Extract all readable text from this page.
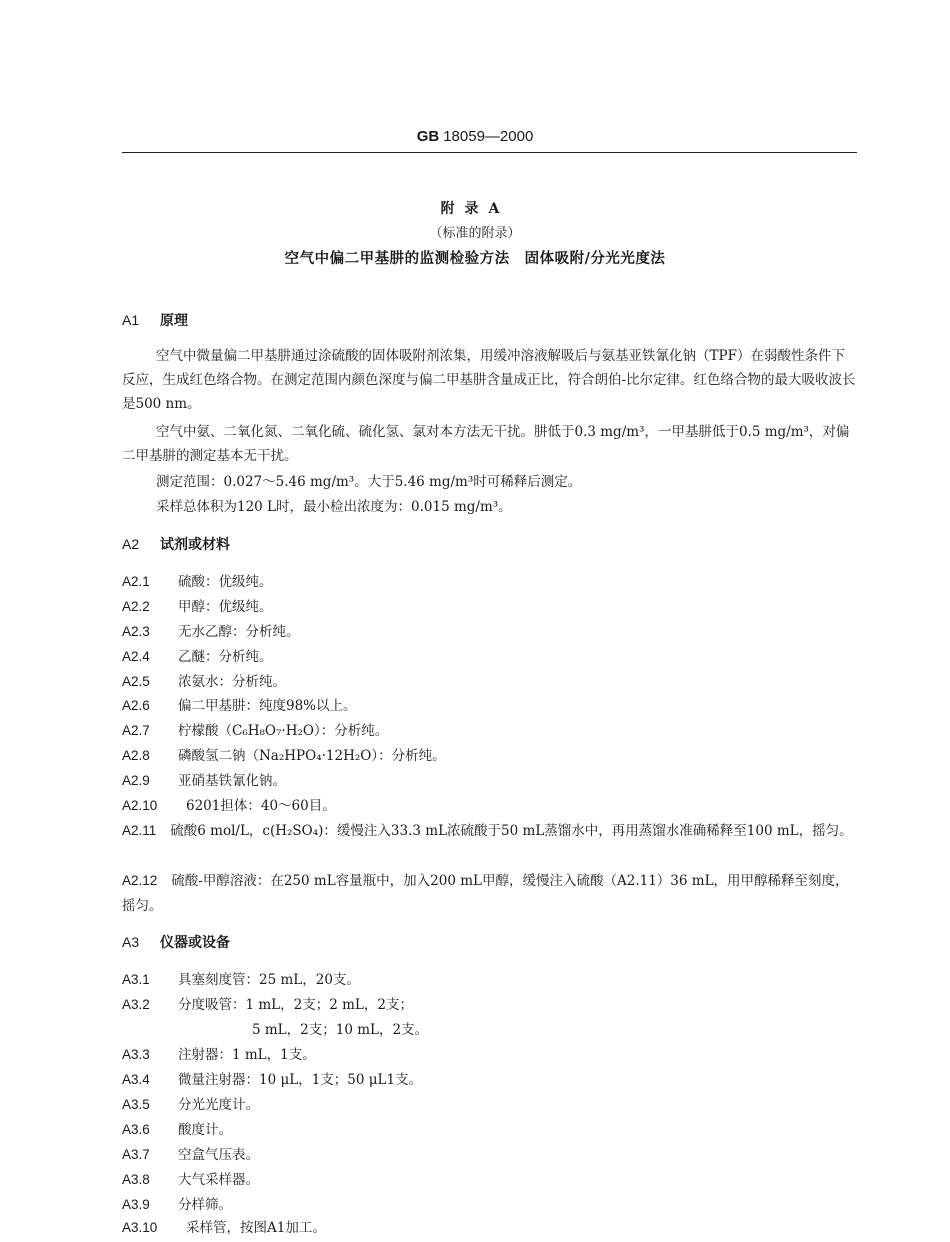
GB 18059—2000
附录A
（标准的附录）
空气中偏二甲基肼的监测检验方法　固体吸附/分光光度法
A1 原理
空气中微量偏二甲基肼通过涂硫酸的固体吸附剂浓集，用缓冲溶液解吸后与氨基亚铁氰化钠（TPF）在弱酸性条件下反应，生成红色络合物。在测定范围内颜色深度与偏二甲基肼含量成正比，符合朗伯-比尔定律。红色络合物的最大吸收波长是500 nm。
空气中氨、二氧化氮、二氧化硫、硫化氢、氯对本方法无干扰。肼低于0.3 mg/m³，一甲基肼低于0.5 mg/m³，对偏二甲基肼的测定基本无干扰。
测定范围：0.027～5.46 mg/m³。大于5.46 mg/m³时可稀释后测定。
采样总体积为120 L时，最小检出浓度为：0.015 mg/m³。
A2 试剂或材料
A2.1 硫酸：优级纯。
A2.2 甲醇：优级纯。
A2.3 无水乙醇：分析纯。
A2.4 乙醚：分析纯。
A2.5 浓氨水：分析纯。
A2.6 偏二甲基肼：纯度98%以上。
A2.7 柠檬酸（C₆H₈O₇·H₂O）：分析纯。
A2.8 磷酸氢二钠（Na₂HPO₄·12H₂O）：分析纯。
A2.9 亚硝基铁氰化钠。
A2.10 6201担体：40～60目。
A2.11 硫酸6 mol/L，c(H₂SO₄)：缓慢注入33.3 mL浓硫酸于50 mL蒸馏水中，再用蒸馏水准确稀释至100 mL，摇匀。
A2.12 硫酸-甲醇溶液：在250 mL容量瓶中，加入200 mL甲醇，缓慢注入硫酸（A2.11）36 mL，用甲醇稀释至刻度，摇匀。
A3 仪器或设备
A3.1 具塞刻度管：25 mL，20支。
A3.2 分度吸管：1 mL，2支；2 mL，2支；
5 mL，2支；10 mL，2支。
A3.3 注射器：1 mL，1支。
A3.4 微量注射器：10 μL，1支；50 μL1支。
A3.5 分光光度计。
A3.6 酸度计。
A3.7 空盒气压表。
A3.8 大气采样器。
A3.9 分样筛。
A3.10 采样管，按图A1加工。
